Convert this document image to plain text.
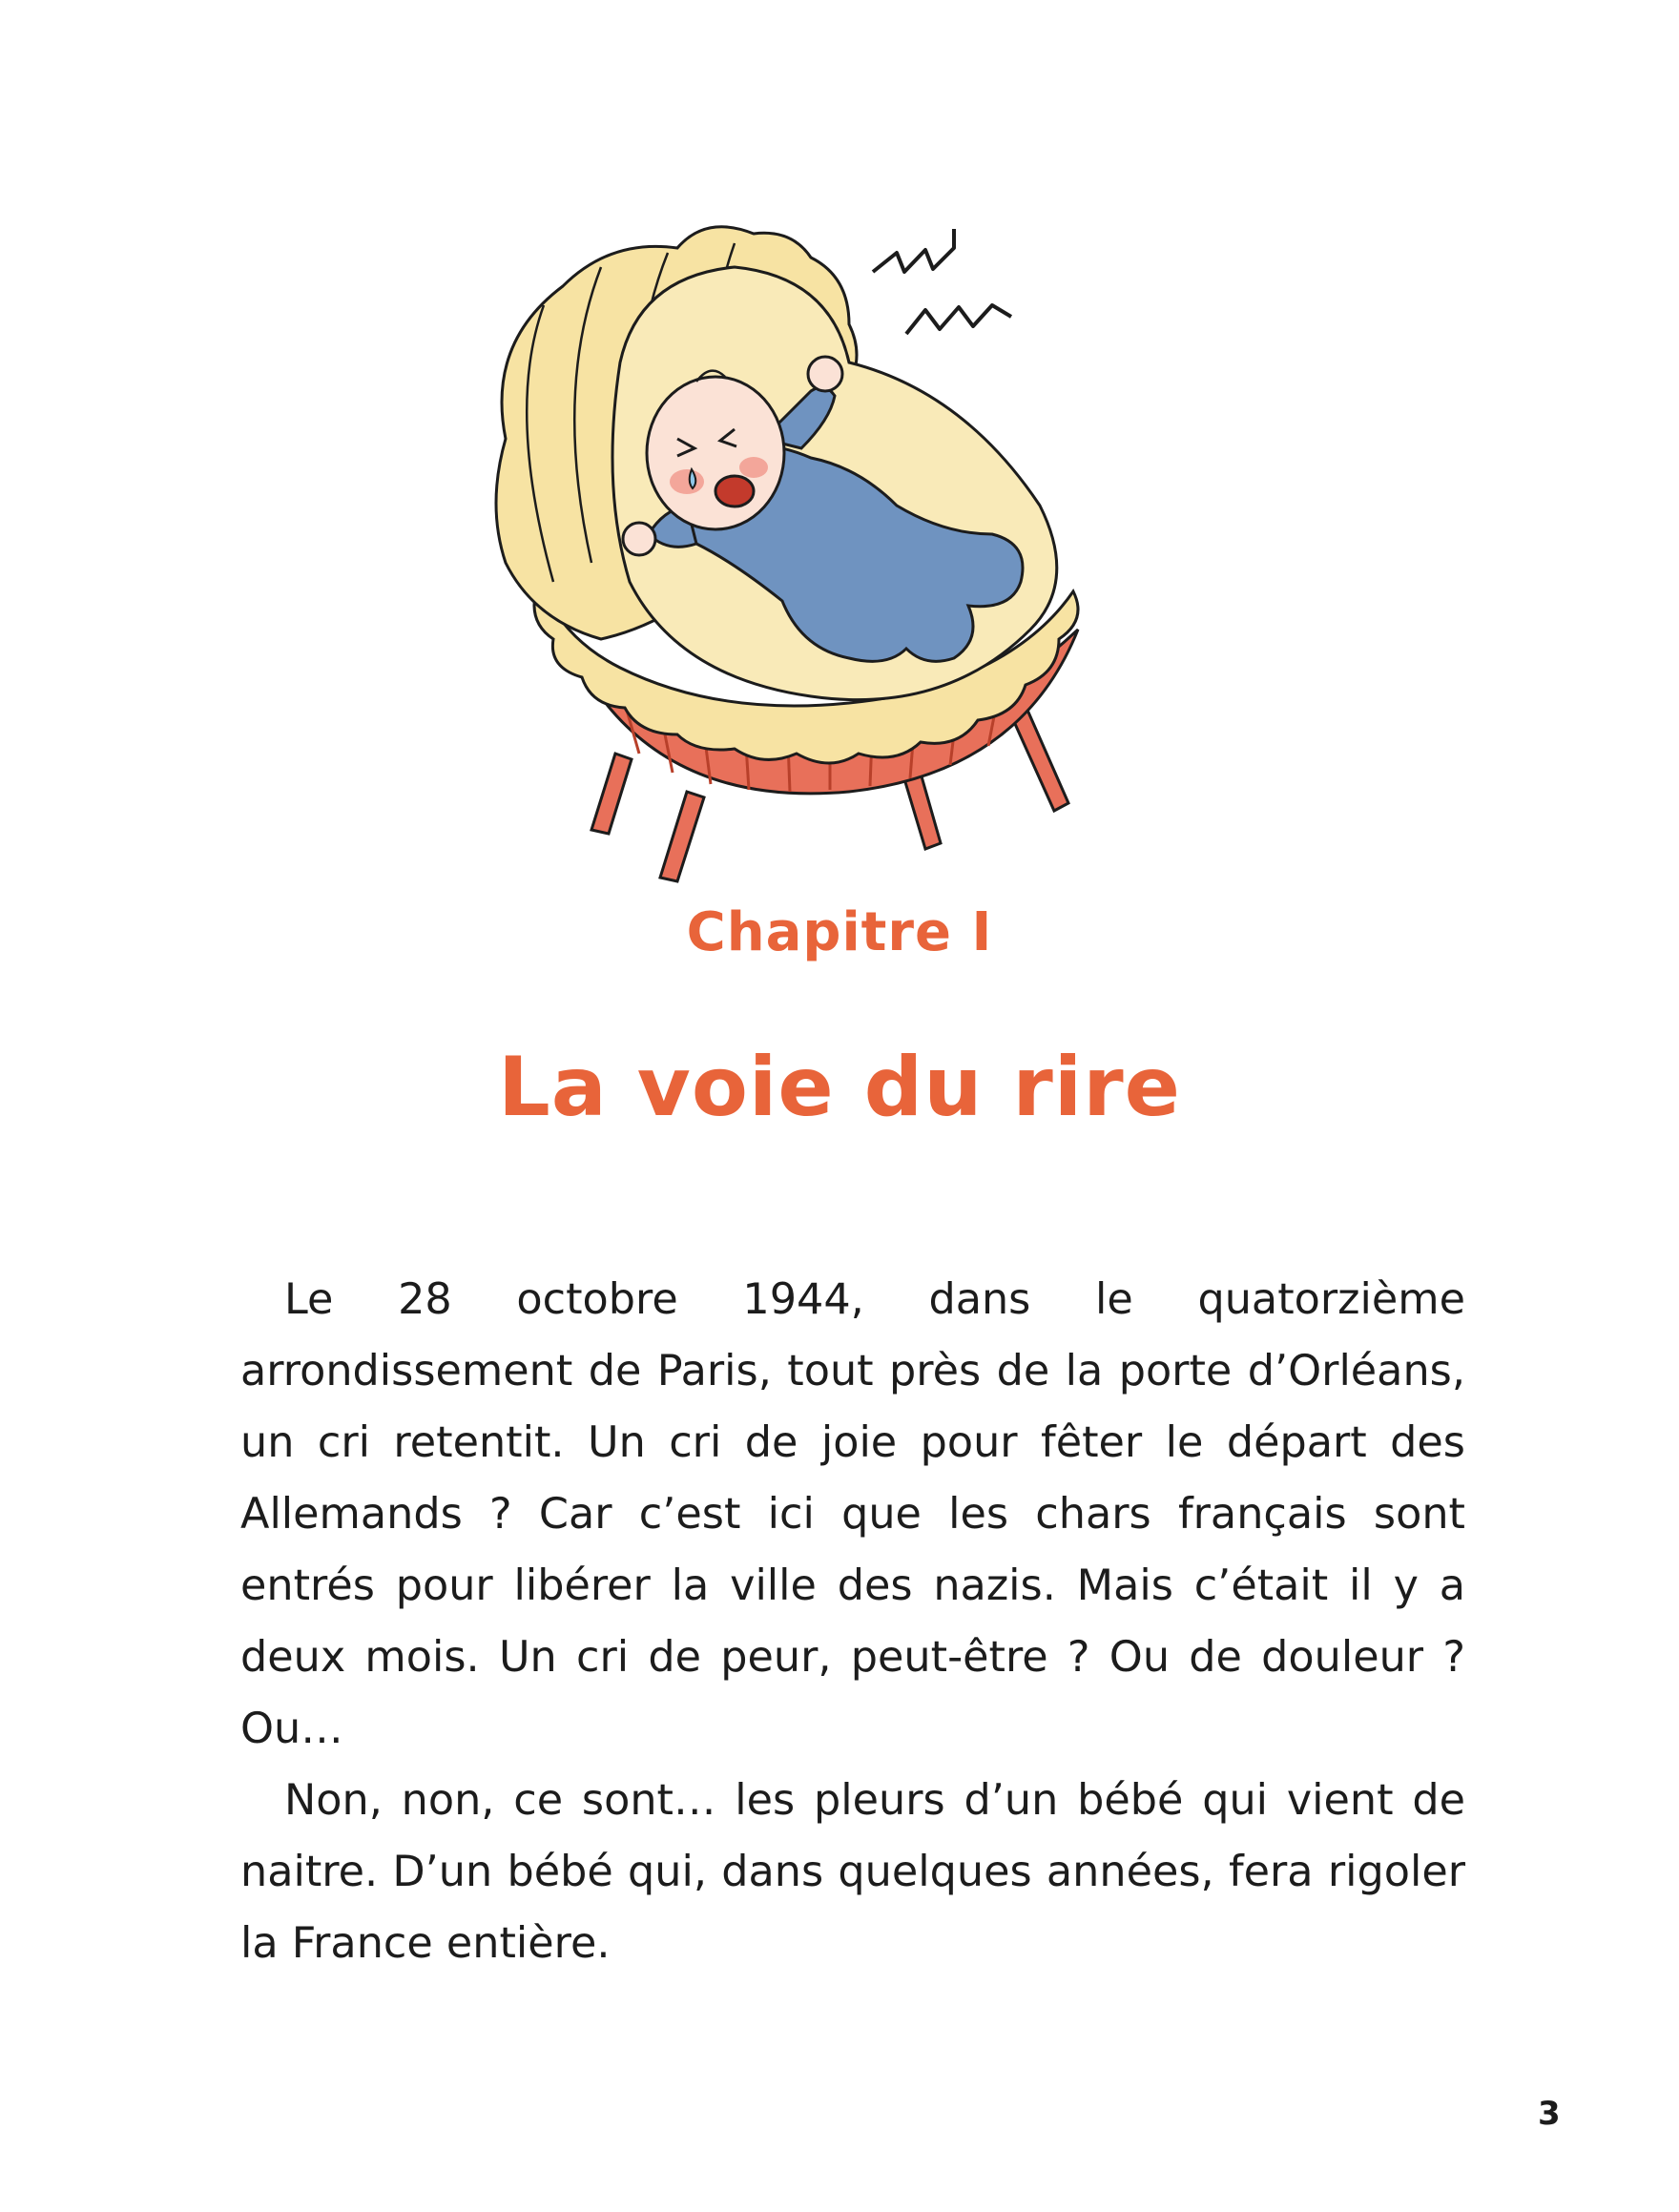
Chapitre I
La voie du rire

Le 28 octobre 1944, dans le quatorzième arrondissement de Paris, tout près de la porte d’Orléans, un cri retentit. Un cri de joie pour fêter le départ des Allemands ? Car c’est ici que les chars français sont entrés pour libérer la ville des nazis. Mais c’était il y a deux mois. Un cri de peur, peut-être ? Ou de douleur ? Ou…

Non, non, ce sont… les pleurs d’un bébé qui vient de naitre. D’un bébé qui, dans quelques années, fera rigoler la France entière.

3
